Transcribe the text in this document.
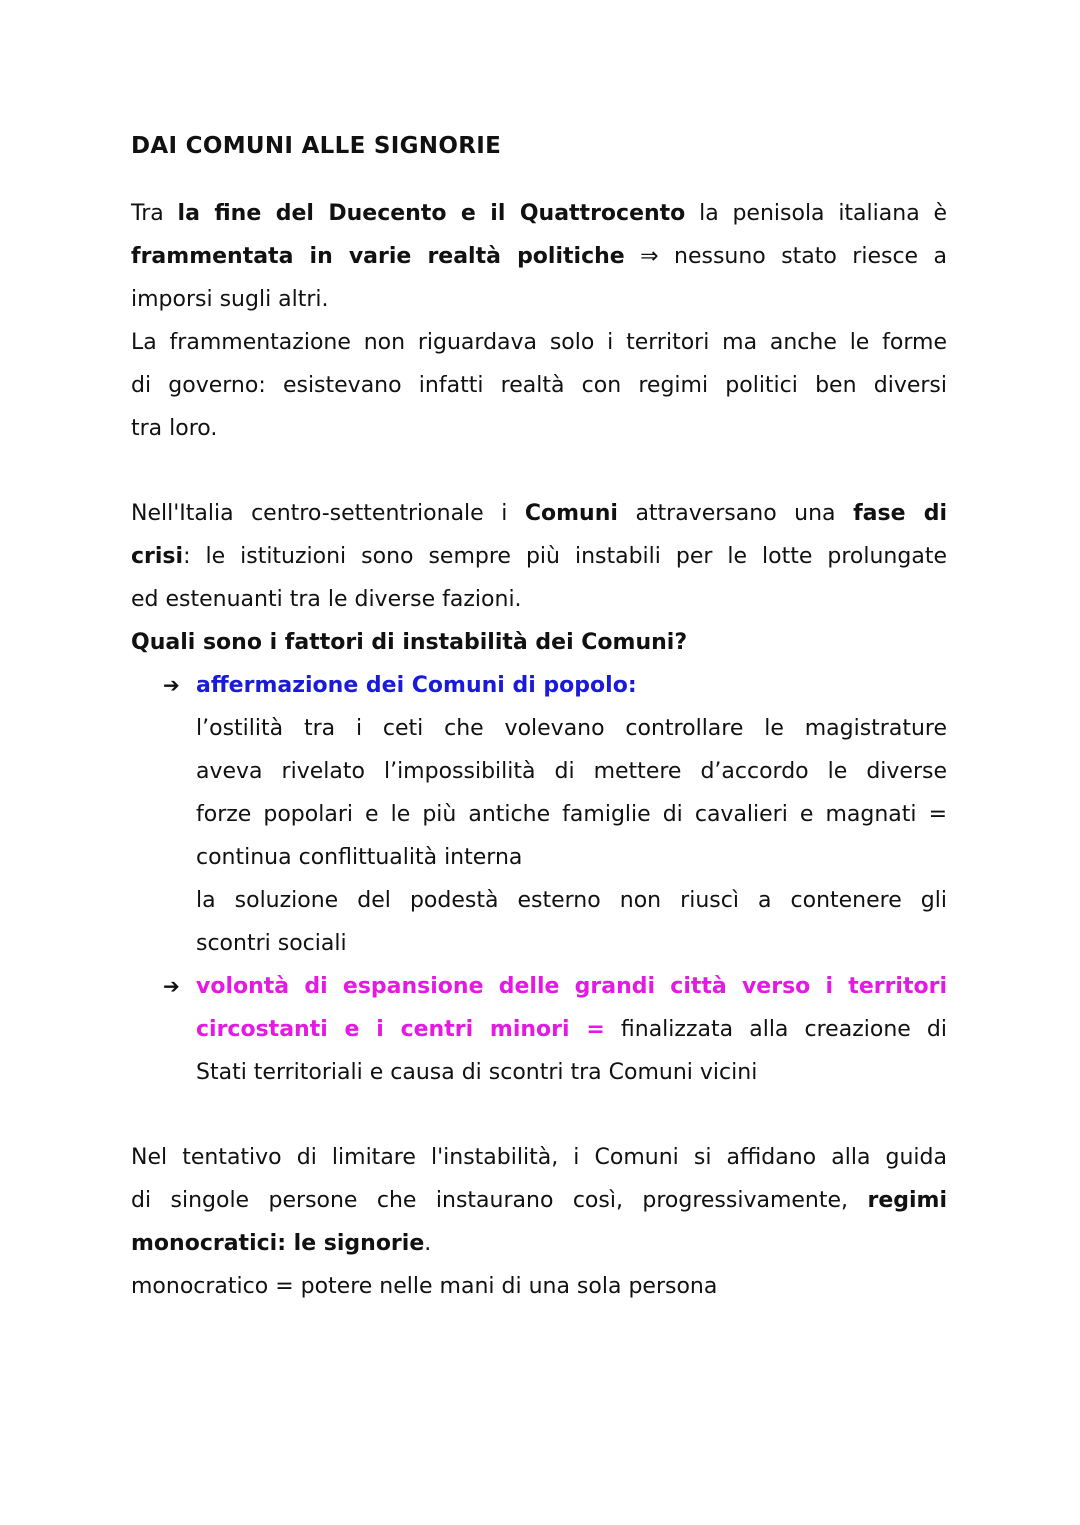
DAI COMUNI ALLE SIGNORIE
Tra la fine del Duecento e il Quattrocento la penisola italiana è
frammentata in varie realtà politiche ⇒ nessuno stato riesce a
imporsi sugli altri.
La frammentazione non riguardava solo i territori ma anche le forme
di governo: esistevano infatti realtà con regimi politici ben diversi
tra loro.
Nell'Italia centro-settentrionale i Comuni attraversano una fase di
crisi: le istituzioni sono sempre più instabili per le lotte prolungate
ed estenuanti tra le diverse fazioni.
Quali sono i fattori di instabilità dei Comuni?
➔ affermazione dei Comuni di popolo:
l’ostilità tra i ceti che volevano controllare le magistrature
aveva rivelato l’impossibilità di mettere d’accordo le diverse
forze popolari e le più antiche famiglie di cavalieri e magnati =
continua conflittualità interna
la soluzione del podestà esterno non riuscì a contenere gli
scontri sociali
➔ volontà di espansione delle grandi città verso i territori
circostanti e i centri minori = finalizzata alla creazione di
Stati territoriali e causa di scontri tra Comuni vicini
Nel tentativo di limitare l'instabilità, i Comuni si affidano alla guida
di singole persone che instaurano così, progressivamente, regimi
monocratici: le signorie.
monocratico = potere nelle mani di una sola persona
